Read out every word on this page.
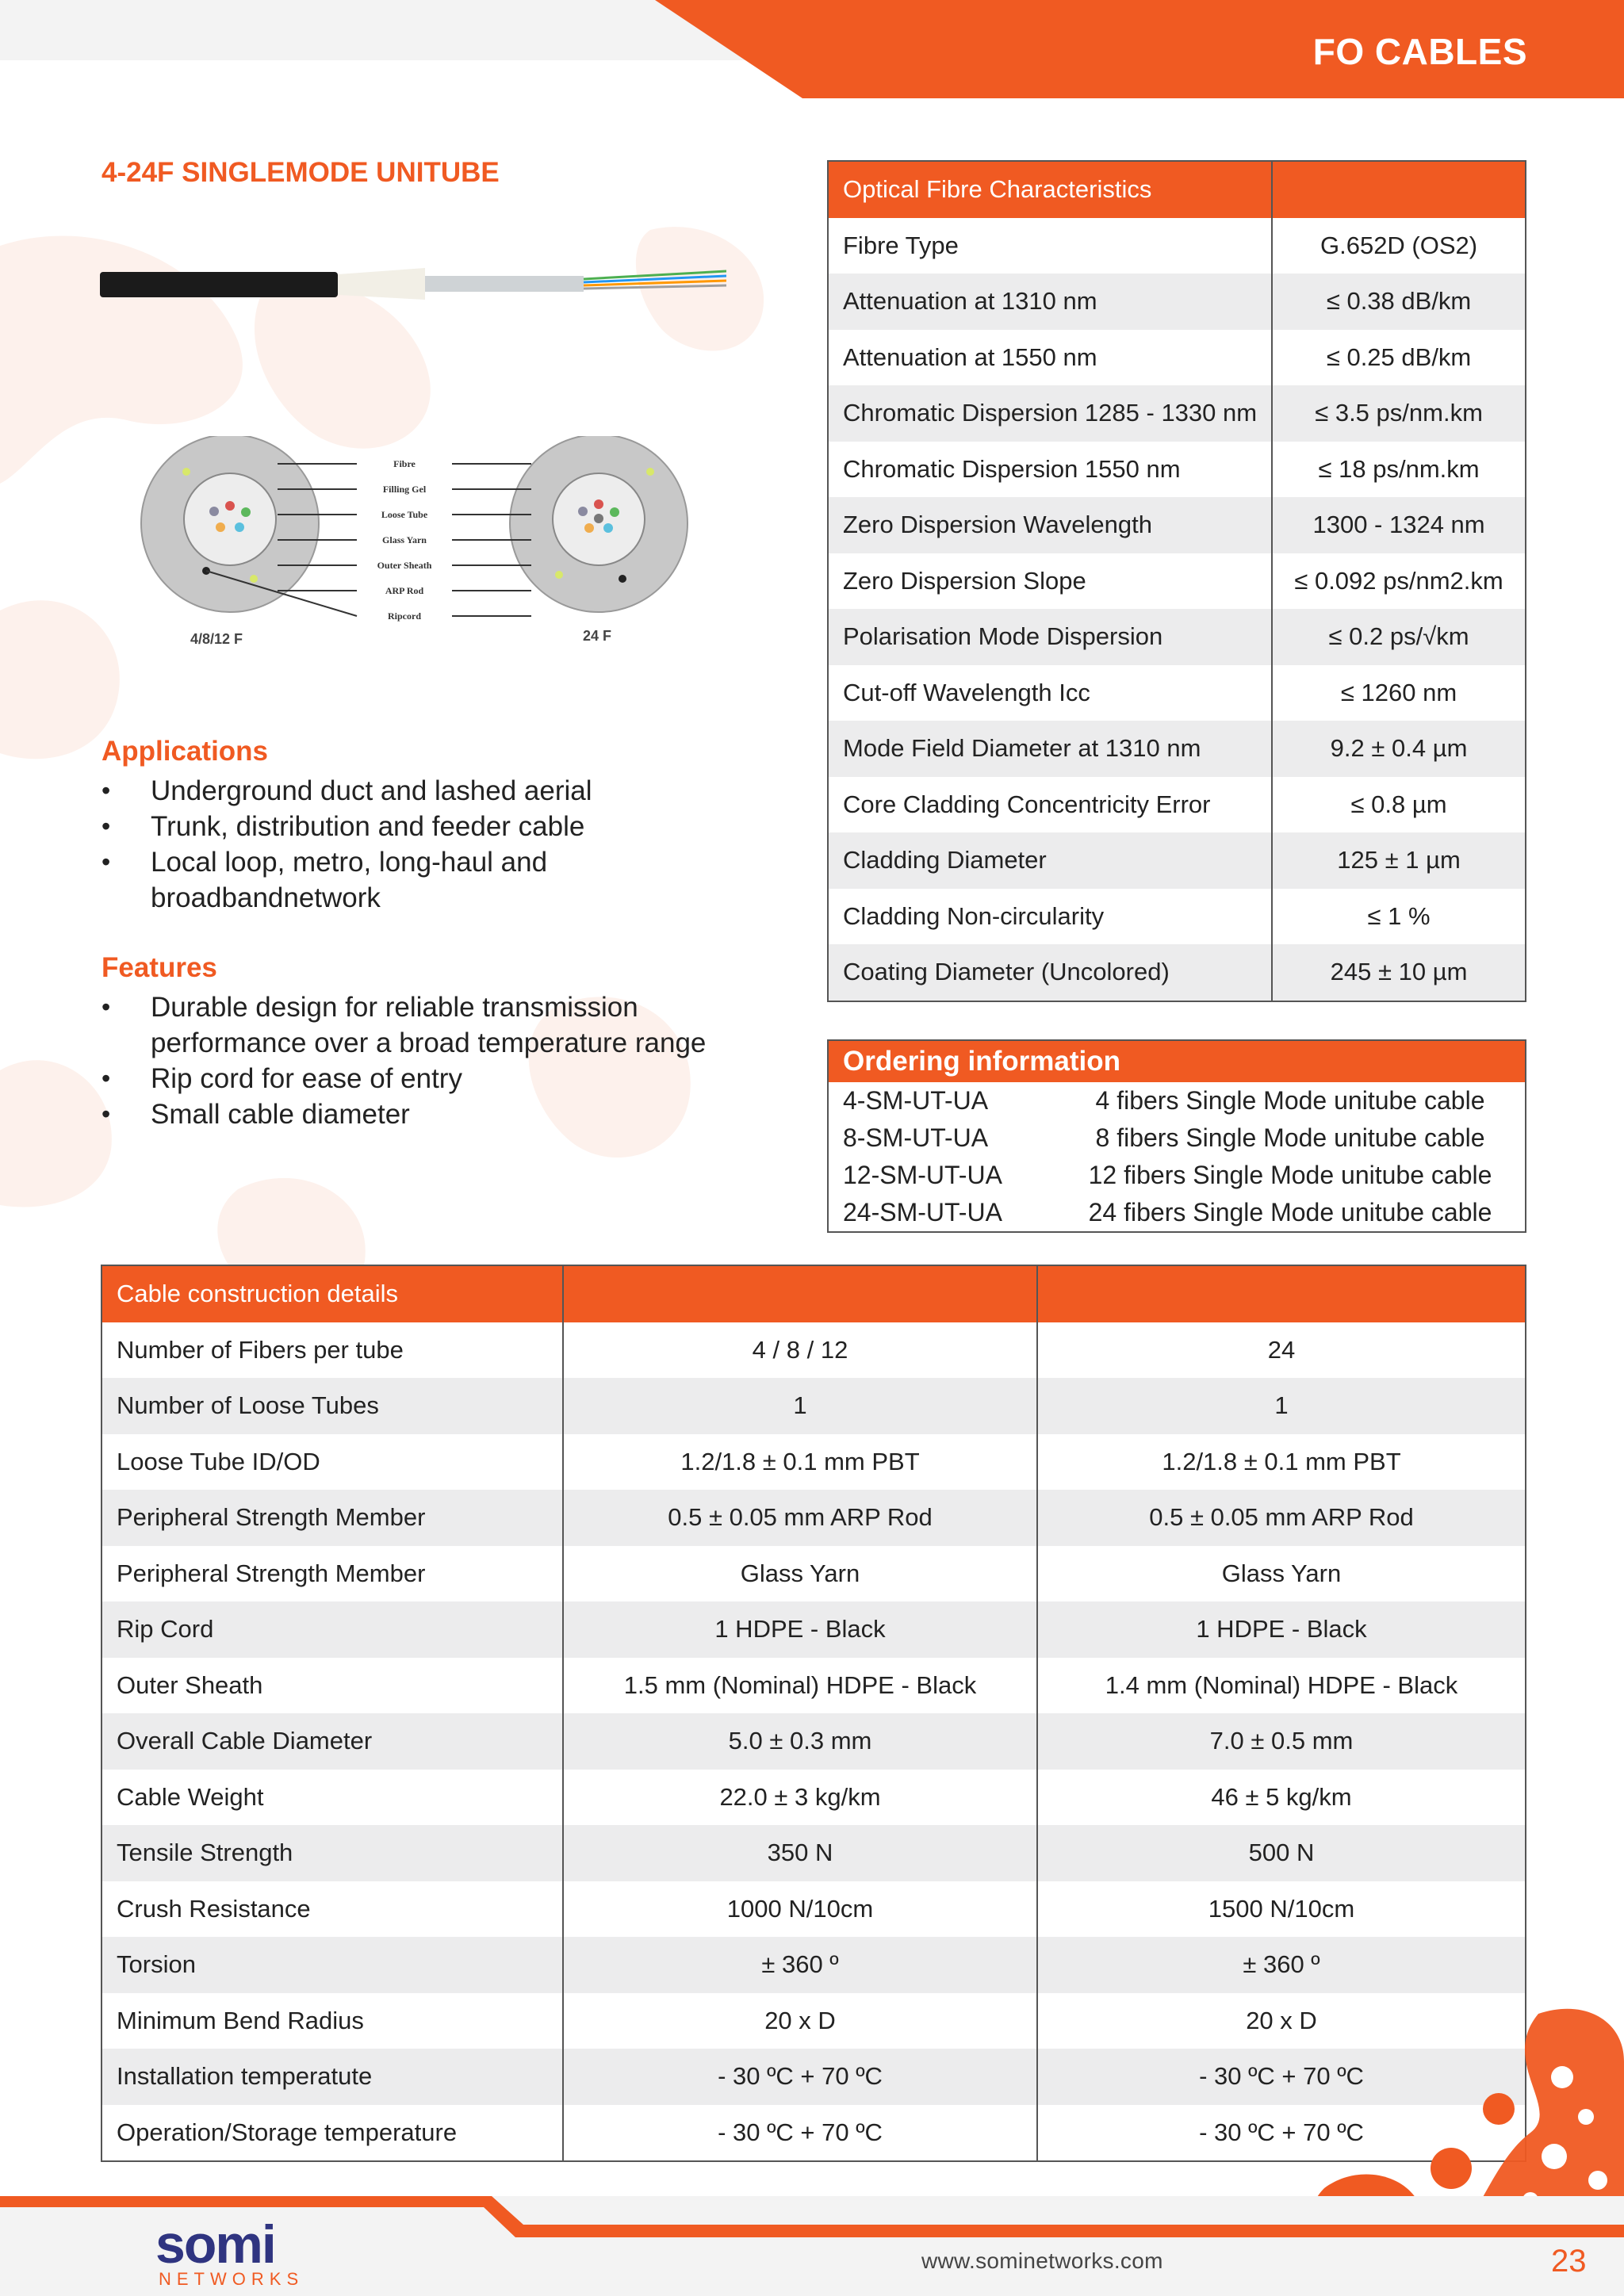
FO CABLES
4-24F SINGLEMODE UNITUBE
Fibre
Filling Gel
Loose Tube
Glass Yarn
Outer Sheath
ARP Rod
Ripcord
4/8/12 F	24 F
Applications
• Underground duct and lashed aerial
• Trunk, distribution and feeder cable
• Local loop, metro, long-haul and broadbandnetwork
Features
• Durable design for reliable transmission performance over a broad temperature range
• Rip cord for ease of entry
• Small cable diameter
Optical Fibre Characteristics	
Fibre Type	G.652D (OS2)
Attenuation at 1310 nm	≤ 0.38 dB/km
Attenuation at 1550 nm	≤ 0.25 dB/km
Chromatic Dispersion 1285 - 1330 nm	≤ 3.5 ps/nm.km
Chromatic Dispersion 1550 nm	≤ 18 ps/nm.km
Zero Dispersion Wavelength	1300 - 1324 nm
Zero Dispersion Slope	≤ 0.092 ps/nm2.km
Polarisation Mode Dispersion	≤ 0.2 ps/√km
Cut-off Wavelength Icc	≤ 1260 nm
Mode Field Diameter at 1310 nm	9.2 ± 0.4 µm
Core Cladding Concentricity Error	≤ 0.8 µm
Cladding Diameter	125 ± 1 µm
Cladding Non-circularity	≤ 1 %
Coating Diameter (Uncolored)	245 ± 10 µm
Ordering information	
4-SM-UT-UA	4 fibers Single Mode unitube cable
8-SM-UT-UA	8 fibers Single Mode unitube cable
12-SM-UT-UA	12 fibers Single Mode unitube cable
24-SM-UT-UA	24 fibers Single Mode unitube cable
Cable construction details		
Number of Fibers per tube	4 / 8 / 12	24
Number of Loose Tubes	1	1
Loose Tube ID/OD	1.2/1.8 ± 0.1 mm PBT	1.2/1.8 ± 0.1 mm PBT
Peripheral Strength Member	0.5 ± 0.05 mm ARP Rod	0.5 ± 0.05 mm ARP Rod
Peripheral Strength Member	Glass Yarn	Glass Yarn
Rip Cord	1 HDPE - Black	1 HDPE - Black
Outer Sheath	1.5 mm (Nominal) HDPE - Black	1.4 mm (Nominal) HDPE - Black
Overall Cable Diameter	5.0 ± 0.3 mm	7.0 ± 0.5 mm
Cable Weight	22.0 ± 3 kg/km	46 ± 5 kg/km
Tensile Strength	350 N	500 N
Crush Resistance	1000 N/10cm	1500 N/10cm
Torsion	± 360 º	± 360 º
Minimum Bend Radius	20 x D	20 x D
Installation temperatute	- 30 ºC + 70 ºC	- 30 ºC + 70 ºC
Operation/Storage temperature	- 30 ºC + 70 ºC	- 30 ºC + 70 ºC
somi
NETWORKS
www.sominetworks.com	23
